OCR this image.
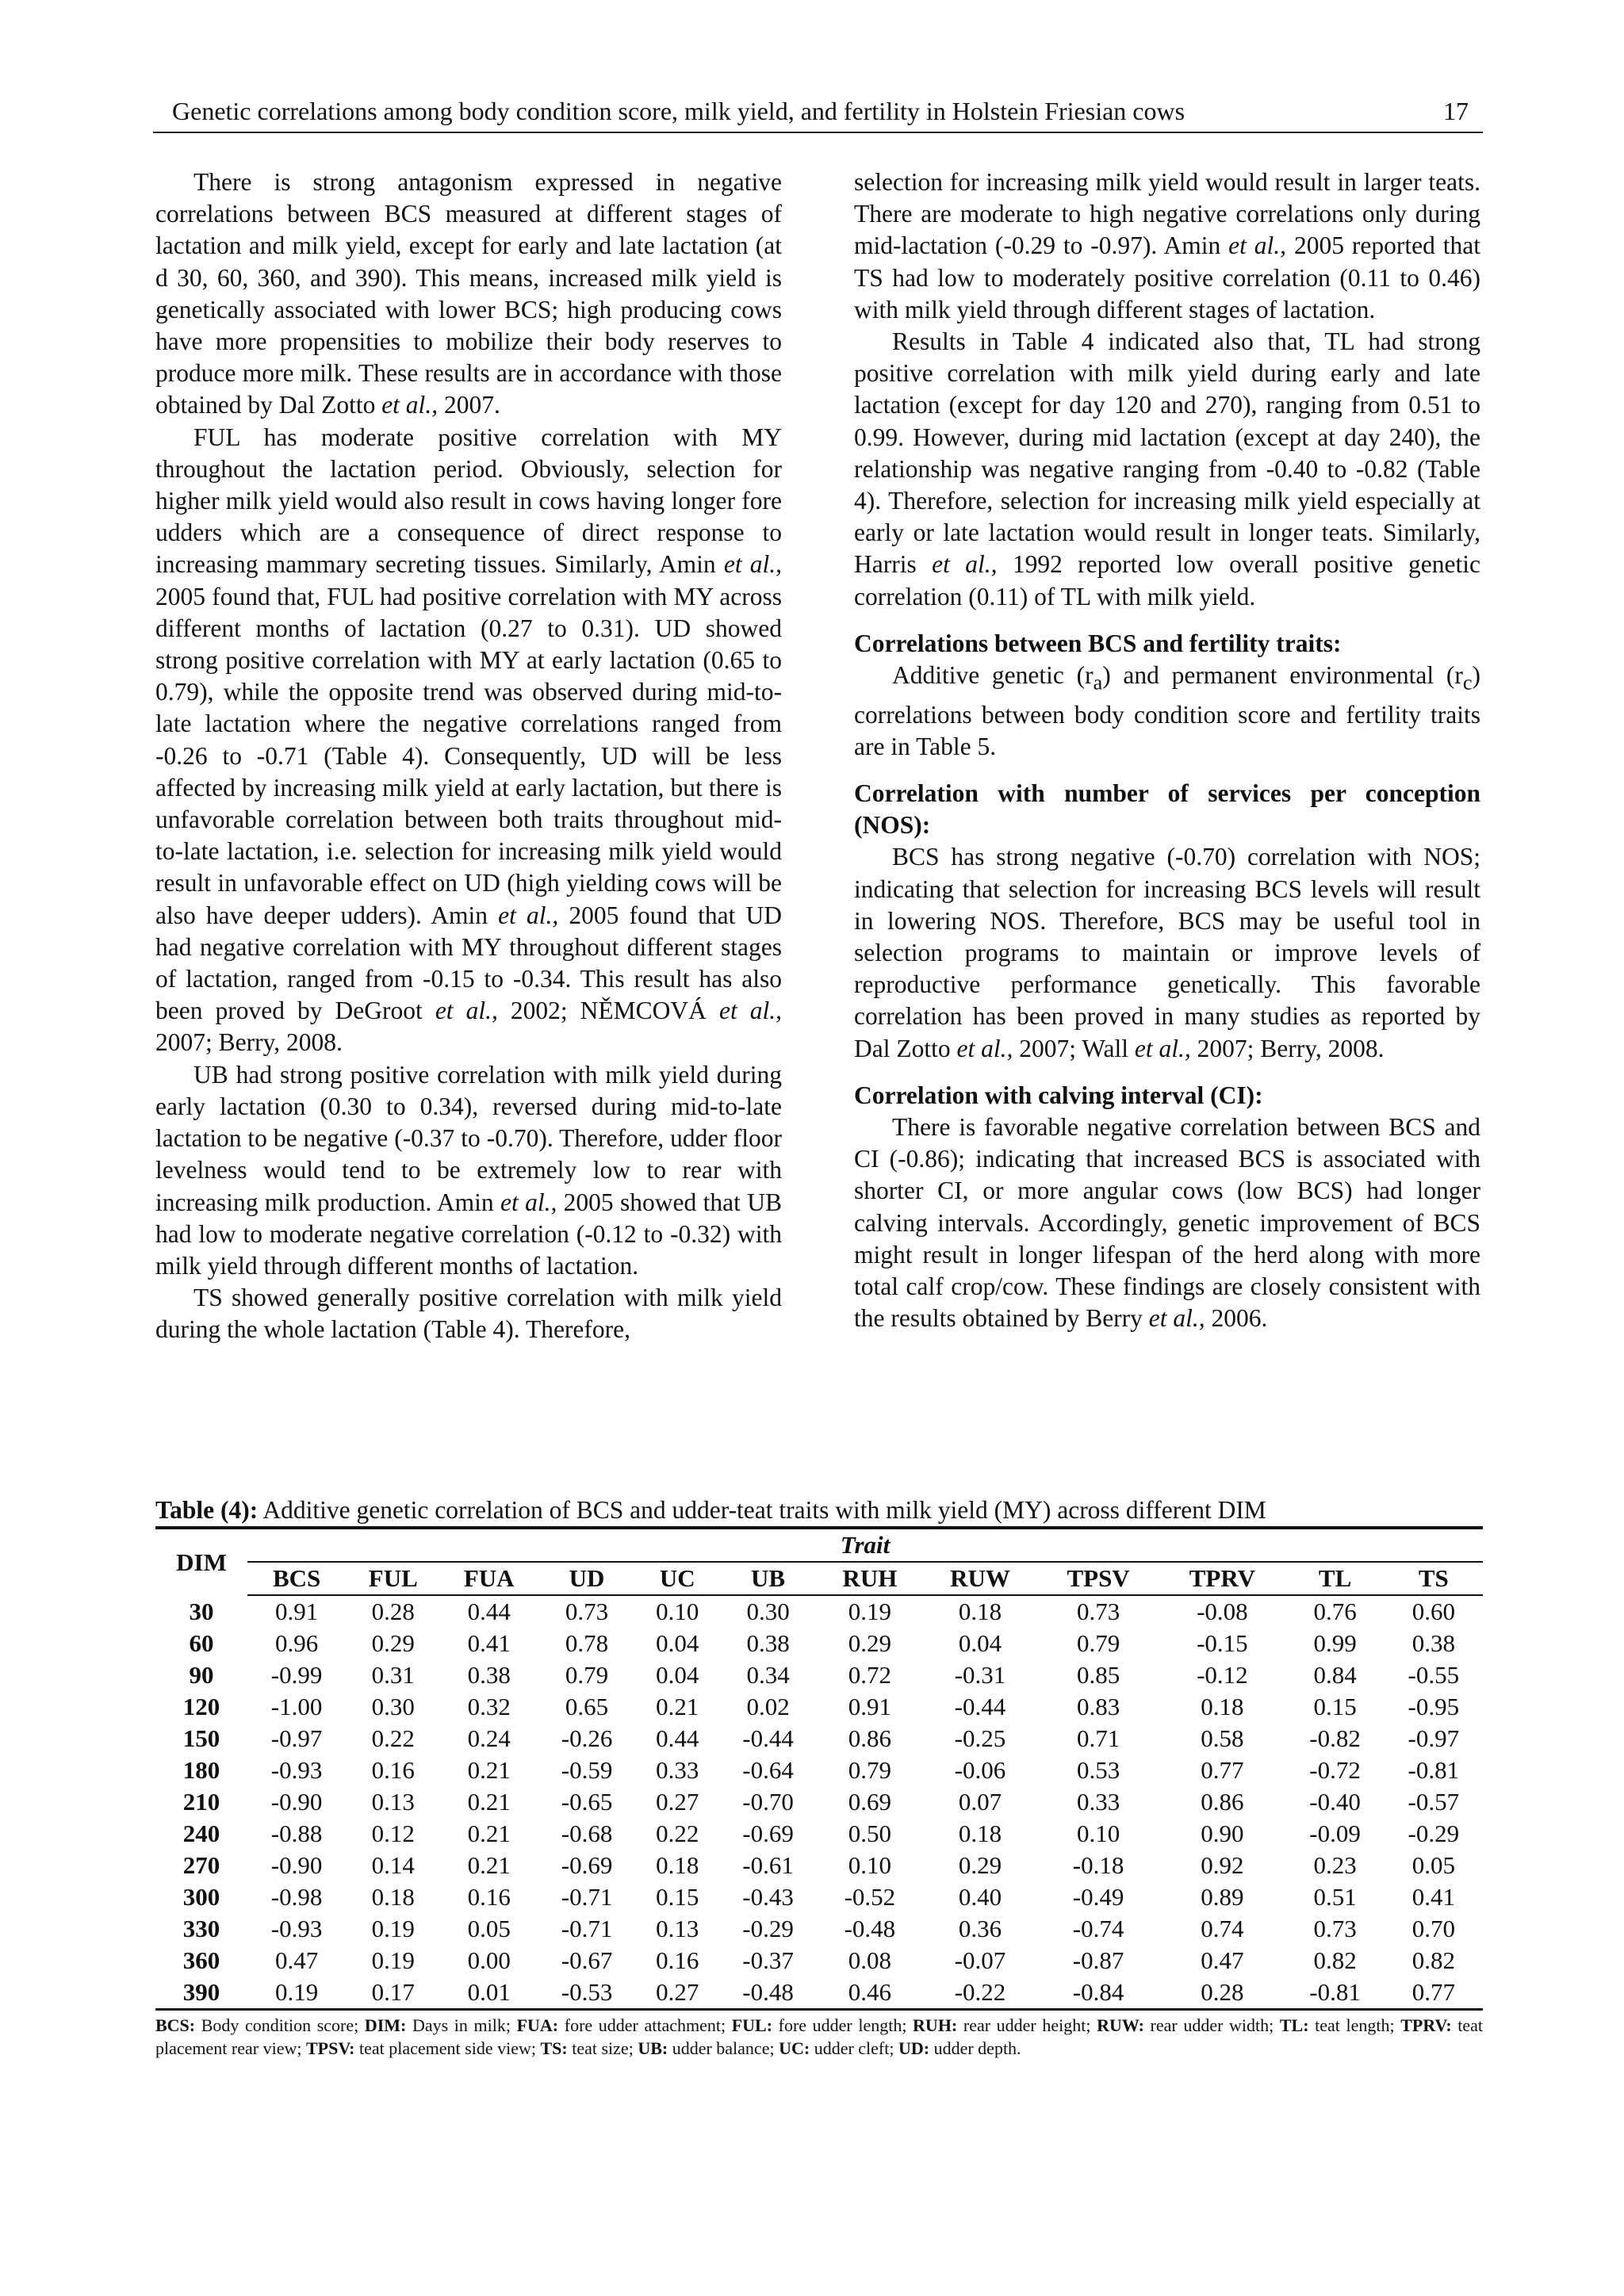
Genetic correlations among body condition score, milk yield, and fertility in Holstein Friesian cows	17

There is strong antagonism expressed in negative correlations between BCS measured at different stages of lactation and milk yield, except for early and late lactation (at d 30, 60, 360, and 390). This means, increased milk yield is genetically associated with lower BCS; high producing cows have more propensities to mobilize their body reserves to produce more milk. These results are in accordance with those obtained by Dal Zotto et al., 2007.

FUL has moderate positive correlation with MY throughout the lactation period. Obviously, selection for higher milk yield would also result in cows having longer fore udders which are a consequence of direct response to increasing mammary secreting tissues. Similarly, Amin et al., 2005 found that, FUL had positive correlation with MY across different months of lactation (0.27 to 0.31). UD showed strong positive correlation with MY at early lactation (0.65 to 0.79), while the opposite trend was observed during mid-to-late lactation where the negative correlations ranged from -0.26 to -0.71 (Table 4). Consequently, UD will be less affected by increasing milk yield at early lactation, but there is unfavorable correlation between both traits throughout mid-to-late lactation, i.e. selection for increasing milk yield would result in unfavorable effect on UD (high yielding cows will be also have deeper udders). Amin et al., 2005 found that UD had negative correlation with MY throughout different stages of lactation, ranged from -0.15 to -0.34. This result has also been proved by DeGroot et al., 2002; NĚMCOVÁ et al., 2007; Berry, 2008.

UB had strong positive correlation with milk yield during early lactation (0.30 to 0.34), reversed during mid-to-late lactation to be negative (-0.37 to -0.70). Therefore, udder floor levelness would tend to be extremely low to rear with increasing milk production. Amin et al., 2005 showed that UB had low to moderate negative correlation (-0.12 to -0.32) with milk yield through different months of lactation.

TS showed generally positive correlation with milk yield during the whole lactation (Table 4). Therefore,

selection for increasing milk yield would result in larger teats. There are moderate to high negative correlations only during mid-lactation (-0.29 to -0.97). Amin et al., 2005 reported that TS had low to moderately positive correlation (0.11 to 0.46) with milk yield through different stages of lactation.

Results in Table 4 indicated also that, TL had strong positive correlation with milk yield during early and late lactation (except for day 120 and 270), ranging from 0.51 to 0.99. However, during mid lactation (except at day 240), the relationship was negative ranging from -0.40 to -0.82 (Table 4). Therefore, selection for increasing milk yield especially at early or late lactation would result in longer teats. Similarly, Harris et al., 1992 reported low overall positive genetic correlation (0.11) of TL with milk yield.

Correlations between BCS and fertility traits:

Additive genetic $(r_a)$ and permanent environmental $(r_c)$ correlations between body condition score and fertility traits are in Table 5.

Correlation with number of services per conception (NOS):

BCS has strong negative (-0.70) correlation with NOS; indicating that selection for increasing BCS levels will result in lowering NOS. Therefore, BCS may be useful tool in selection programs to maintain or improve levels of reproductive performance genetically. This favorable correlation has been proved in many studies as reported by Dal Zotto et al., 2007; Wall et al., 2007; Berry, 2008.

Correlation with calving interval (CI):

There is favorable negative correlation between BCS and CI (-0.86); indicating that increased BCS is associated with shorter CI, or more angular cows (low BCS) had longer calving intervals. Accordingly, genetic improvement of BCS might result in longer lifespan of the herd along with more total calf crop/cow. These findings are closely consistent with the results obtained by Berry et al., 2006.

Table (4): Additive genetic correlation of BCS and udder-teat traits with milk yield (MY) across different DIM
DIM	Trait											
	BCS	FUL	FUA	UD	UC	UB	RUH	RUW	TPSV	TPRV	TL	TS
30	0.91	0.28	0.44	0.73	0.10	0.30	0.19	0.18	0.73	-0.08	0.76	0.60
60	0.96	0.29	0.41	0.78	0.04	0.38	0.29	0.04	0.79	-0.15	0.99	0.38
90	-0.99	0.31	0.38	0.79	0.04	0.34	0.72	-0.31	0.85	-0.12	0.84	-0.55
120	-1.00	0.30	0.32	0.65	0.21	0.02	0.91	-0.44	0.83	0.18	0.15	-0.95
150	-0.97	0.22	0.24	-0.26	0.44	-0.44	0.86	-0.25	0.71	0.58	-0.82	-0.97
180	-0.93	0.16	0.21	-0.59	0.33	-0.64	0.79	-0.06	0.53	0.77	-0.72	-0.81
210	-0.90	0.13	0.21	-0.65	0.27	-0.70	0.69	0.07	0.33	0.86	-0.40	-0.57
240	-0.88	0.12	0.21	-0.68	0.22	-0.69	0.50	0.18	0.10	0.90	-0.09	-0.29
270	-0.90	0.14	0.21	-0.69	0.18	-0.61	0.10	0.29	-0.18	0.92	0.23	0.05
300	-0.98	0.18	0.16	-0.71	0.15	-0.43	-0.52	0.40	-0.49	0.89	0.51	0.41
330	-0.93	0.19	0.05	-0.71	0.13	-0.29	-0.48	0.36	-0.74	0.74	0.73	0.70
360	0.47	0.19	0.00	-0.67	0.16	-0.37	0.08	-0.07	-0.87	0.47	0.82	0.82
390	0.19	0.17	0.01	-0.53	0.27	-0.48	0.46	-0.22	-0.84	0.28	-0.81	0.77
BCS: Body condition score; DIM: Days in milk; FUA: fore udder attachment; FUL: fore udder length; RUH: rear udder height; RUW: rear udder width; TL: teat length; TPRV: teat placement rear view; TPSV: teat placement side view; TS: teat size; UB: udder balance; UC: udder cleft; UD: udder depth.
